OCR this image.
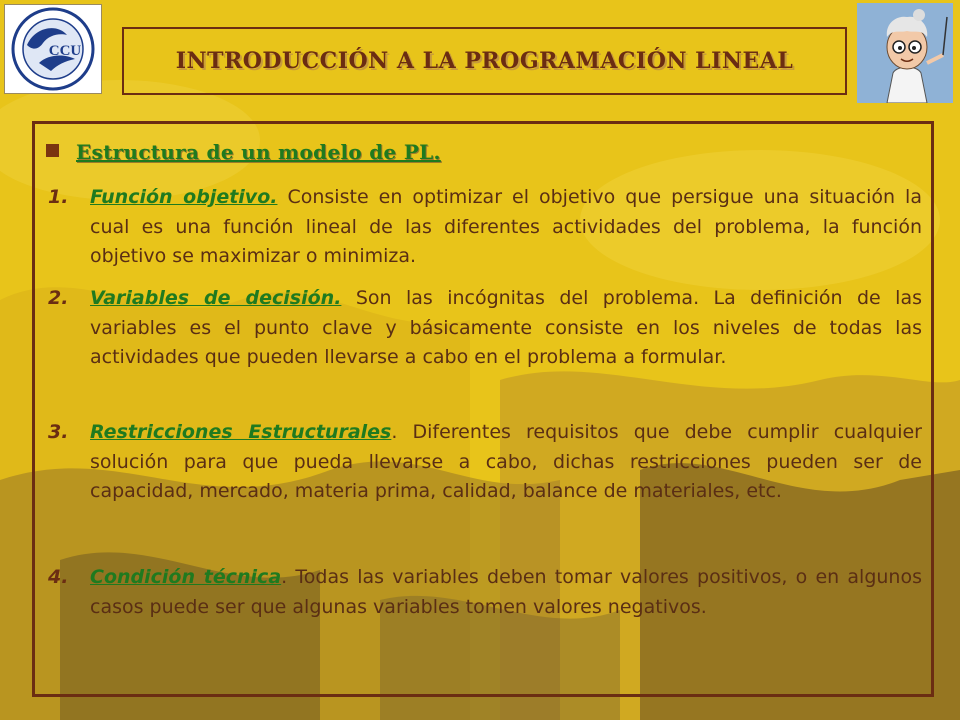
CCU	INTRODUCCIÓN A LA PROGRAMACIÓN LINEAL
Estructura de un modelo de PL.
1. Función objetivo. Consiste en optimizar el objetivo que persigue una situación la cual es una función lineal de las diferentes actividades del problema, la función objetivo se maximizar o minimiza.
2. Variables de decisión. Son las incógnitas del problema. La definición de las variables es el punto clave y básicamente consiste en los niveles de todas las actividades que pueden llevarse a cabo en el problema a formular.
3. Restricciones Estructurales. Diferentes requisitos que debe cumplir cualquier solución para que pueda llevarse a cabo, dichas restricciones pueden ser de capacidad, mercado, materia prima, calidad, balance de materiales, etc.
4. Condición técnica. Todas las variables deben tomar valores positivos, o en algunos casos puede ser que algunas variables tomen valores negativos.
